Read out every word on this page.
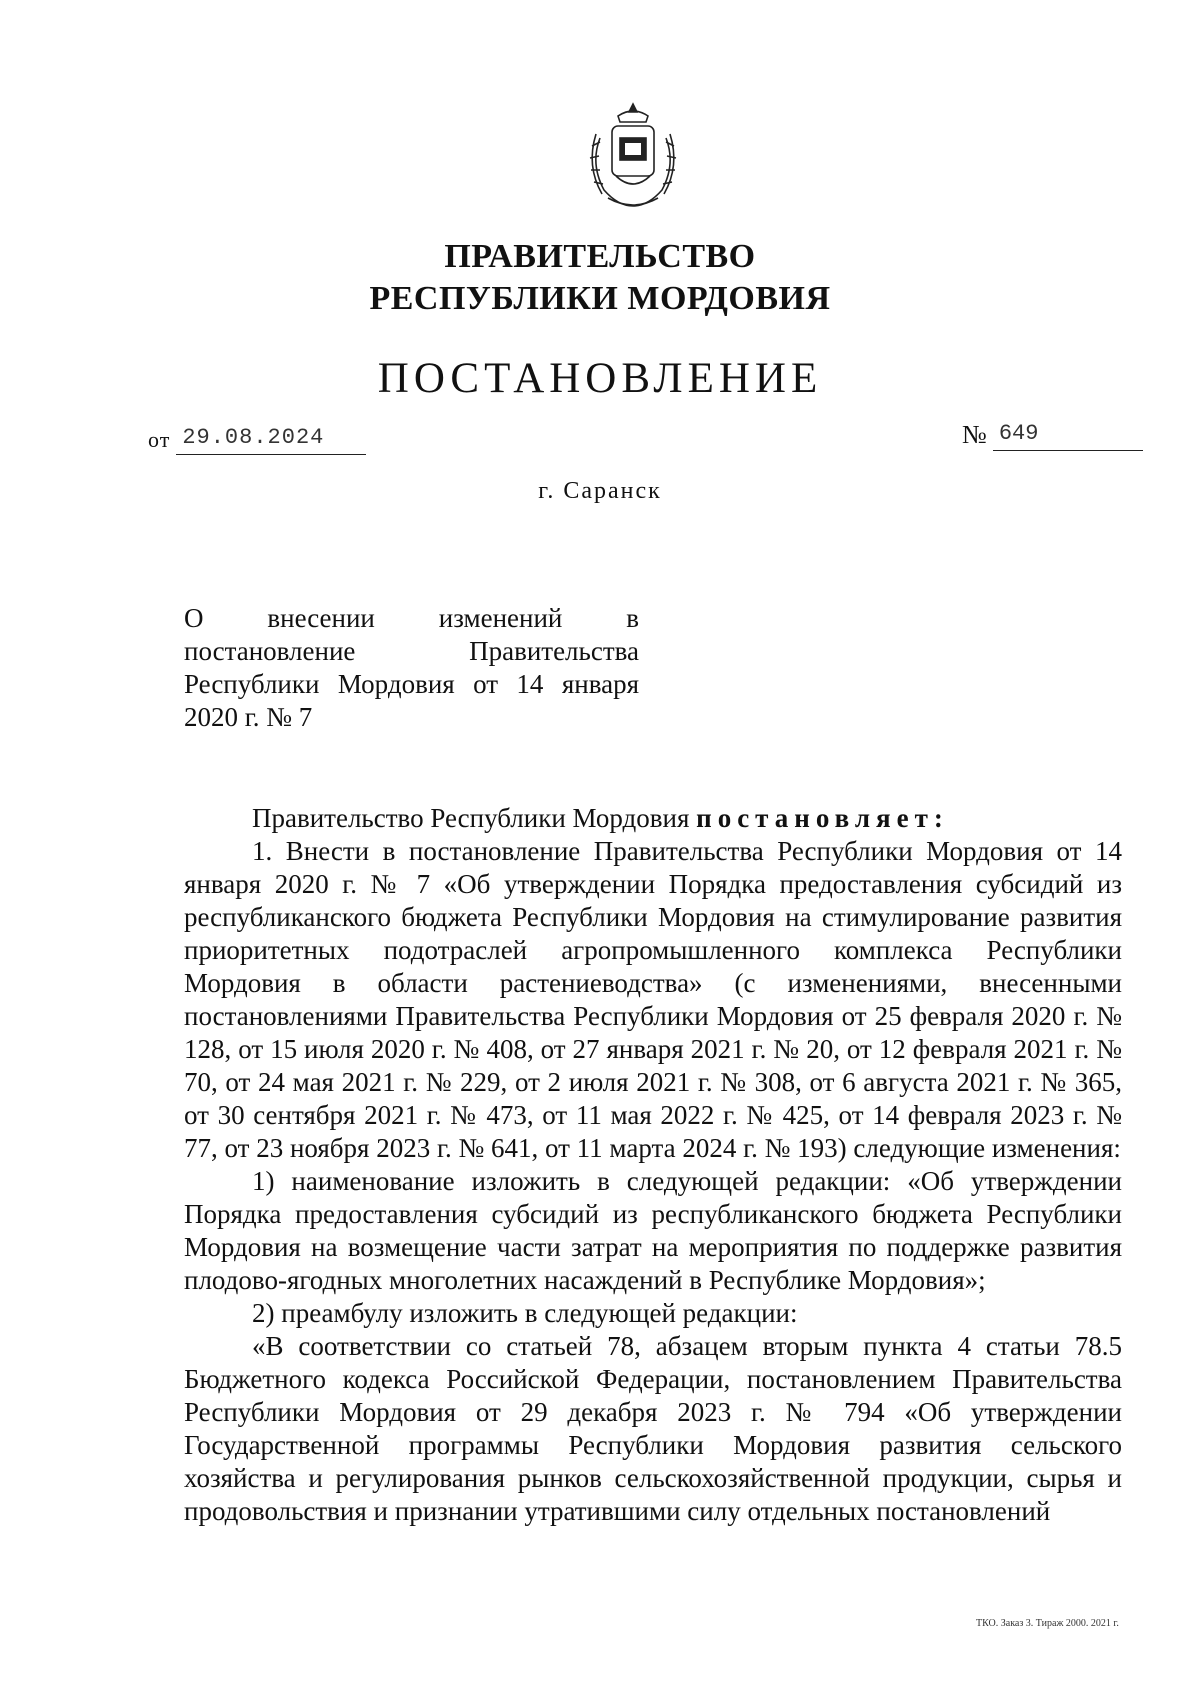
ПРАВИТЕЛЬСТВО
РЕСПУБЛИКИ МОРДОВИЯ
ПОСТАНОВЛЕНИЕ
от 29.08.2024	№ 649
г. Саранск
О внесении изменений в постановление Правительства Республики Мордовия от 14 января 2020 г. № 7

Правительство Республики Мордовия постановляет:

1. Внести в постановление Правительства Республики Мордовия от 14 января 2020 г. № 7 «Об утверждении Порядка предоставления субсидий из республиканского бюджета Республики Мордовия на стимулирование развития приоритетных подотраслей агропромышленного комплекса Республики Мордовия в области растениеводства» (с изменениями, внесенными постановлениями Правительства Республики Мордовия от 25 февраля 2020 г. № 128, от 15 июля 2020 г. № 408, от 27 января 2021 г. № 20, от 12 февраля 2021 г. № 70, от 24 мая 2021 г. № 229, от 2 июля 2021 г. № 308, от 6 августа 2021 г. № 365, от 30 сентября 2021 г. № 473, от 11 мая 2022 г. № 425, от 14 февраля 2023 г. № 77, от 23 ноября 2023 г. № 641, от 11 марта 2024 г. № 193) следующие изменения:

1) наименование изложить в следующей редакции: «Об утверждении Порядка предоставления субсидий из республиканского бюджета Республики Мордовия на возмещение части затрат на мероприятия по поддержке развития плодово-ягодных многолетних насаждений в Республике Мордовия»;

2) преамбулу изложить в следующей редакции:

«В соответствии со статьей 78, абзацем вторым пункта 4 статьи 78.5 Бюджетного кодекса Российской Федерации, постановлением Правительства Республики Мордовия от 29 декабря 2023 г. № 794 «Об утверждении Государственной программы Республики Мордовия развития сельского хозяйства и регулирования рынков сельскохозяйственной продукции, сырья и продовольствия и признании утратившими силу отдельных постановлений

ТКО. Заказ 3. Тираж 2000. 2021 г.
